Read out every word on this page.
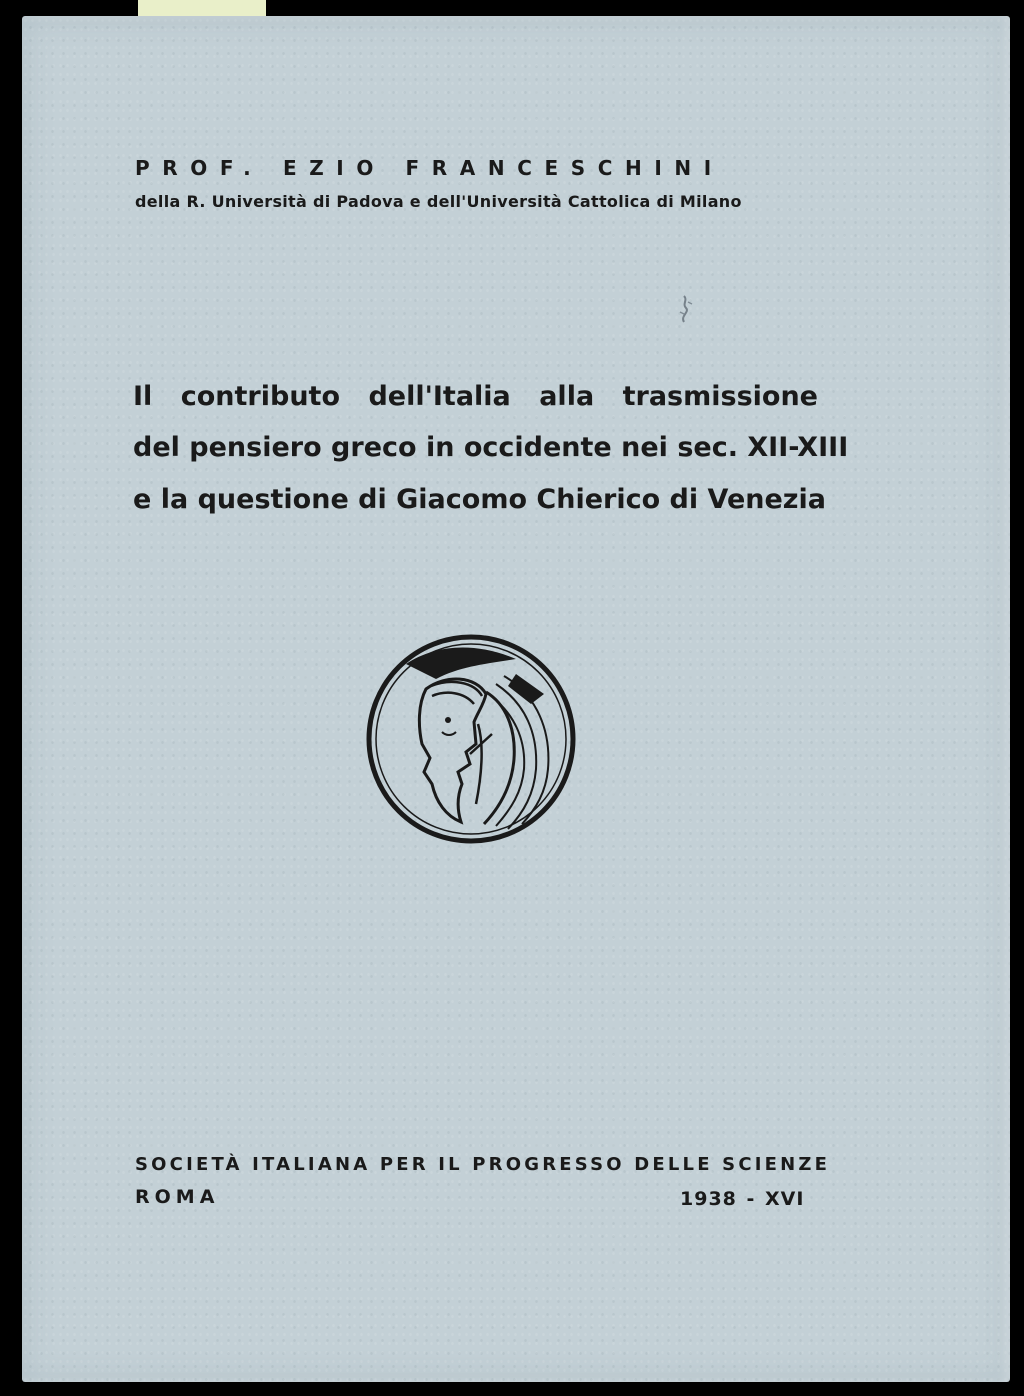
PROF. EZIO FRANCESCHINI

della R. Università di Padova e dell'Università Cattolica di Milano

Il contributo dell'Italia alla trasmissione

del pensiero greco in occidente nei sec. XII-XIII

e la questione di Giacomo Chierico di Venezia

SOCIETÀ ITALIANA PER IL PROGRESSO DELLE SCIENZE

ROMA	1938 - XVI
